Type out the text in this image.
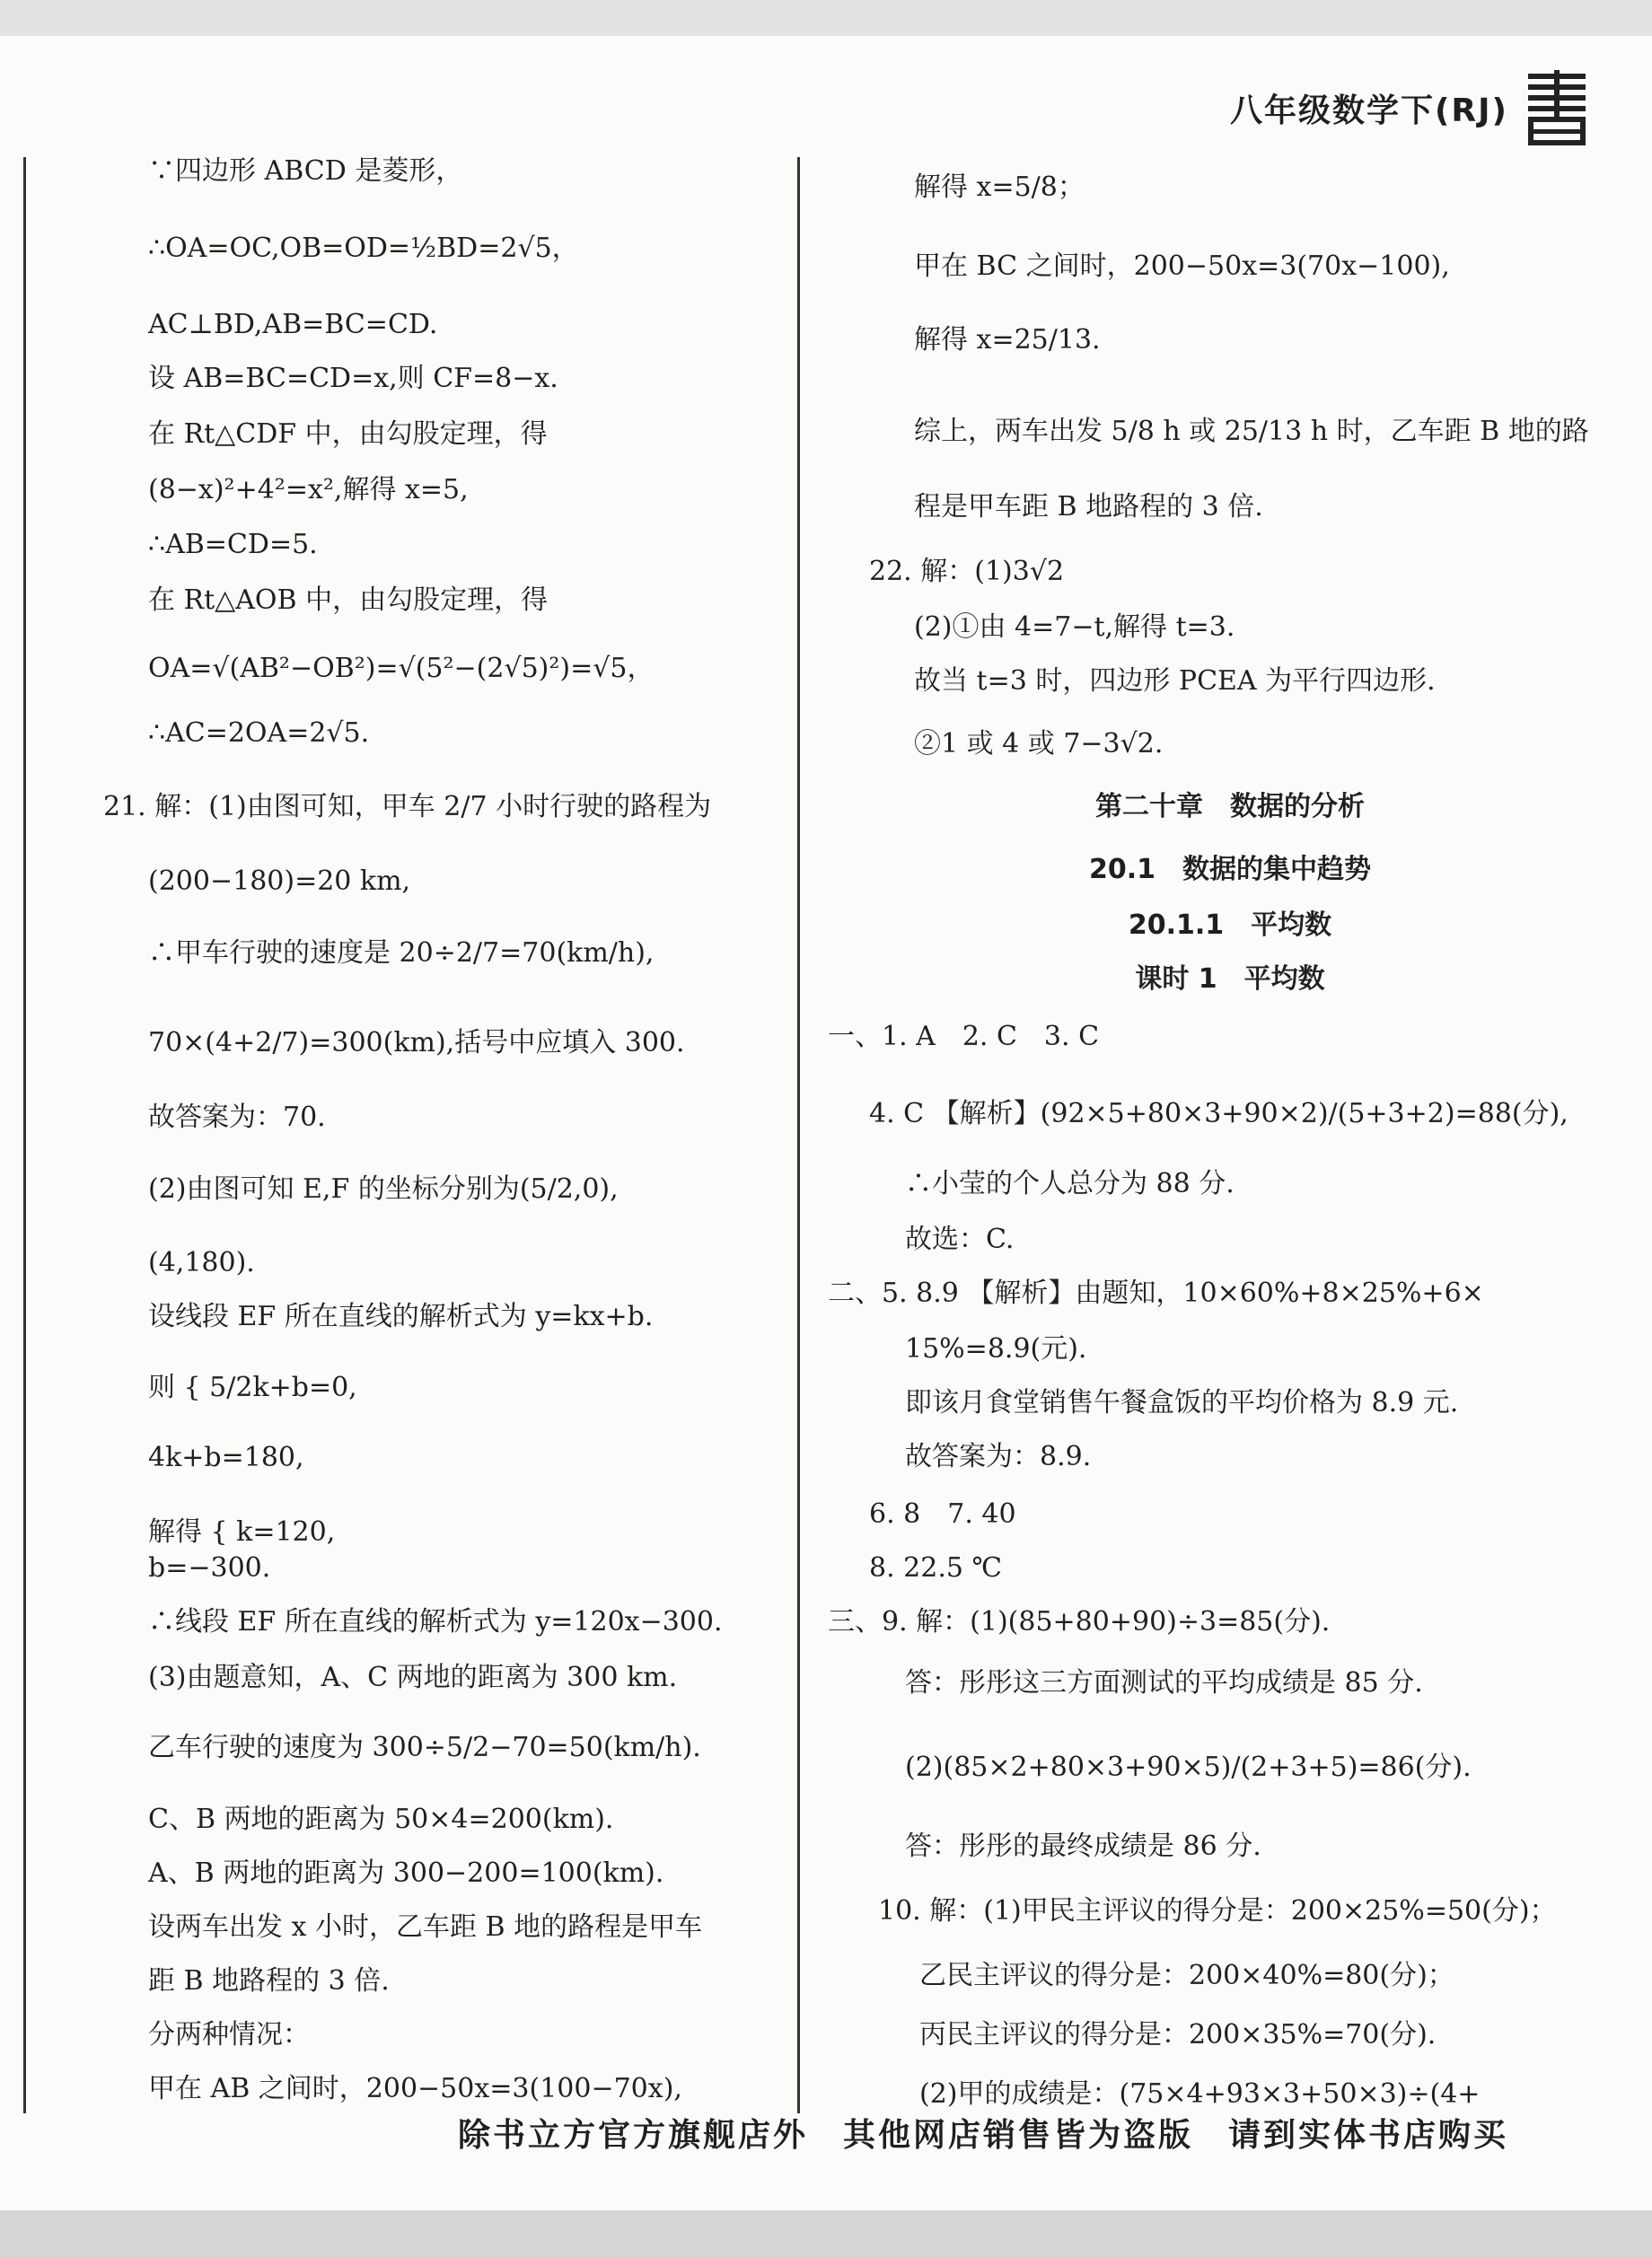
八年级数学下(RJ)
∵四边形 ABCD 是菱形，
∴OA=OC,OB=OD=½BD=2√5，
AC⊥BD,AB=BC=CD.
设 AB=BC=CD=x,则 CF=8−x.
在 Rt△CDF 中，由勾股定理，得
(8−x)²+4²=x²,解得 x=5,
∴AB=CD=5.
在 Rt△AOB 中，由勾股定理，得
OA=√(AB²−OB²)=√(5²−(2√5)²)=√5，
∴AC=2OA=2√5.
21. 解：(1)由图可知，甲车 2/7 小时行驶的路程为
(200−180)=20 km,
∴甲车行驶的速度是 20÷2/7=70(km/h),
70×(4+2/7)=300(km),括号中应填入 300.
故答案为：70.
(2)由图可知 E,F 的坐标分别为(5/2,0),
(4,180).
设线段 EF 所在直线的解析式为 y=kx+b.
则 { 5/2k+b=0,
4k+b=180,
解得 { k=120,
b=−300.
∴线段 EF 所在直线的解析式为 y=120x−300.
(3)由题意知，A、C 两地的距离为 300 km.
乙车行驶的速度为 300÷5/2−70=50(km/h).
C、B 两地的距离为 50×4=200(km).
A、B 两地的距离为 300−200=100(km).
设两车出发 x 小时，乙车距 B 地的路程是甲车
距 B 地路程的 3 倍.
分两种情况：
甲在 AB 之间时，200−50x=3(100−70x),
解得 x=5/8；
甲在 BC 之间时，200−50x=3(70x−100),
解得 x=25/13.
综上，两车出发 5/8 h 或 25/13 h 时，乙车距 B 地的路
程是甲车距 B 地路程的 3 倍.
22. 解：(1)3√2
(2)①由 4=7−t,解得 t=3.
故当 t=3 时，四边形 PCEA 为平行四边形.
②1 或 4 或 7−3√2.
第二十章　数据的分析
20.1　数据的集中趋势
20.1.1　平均数
课时 1　平均数
一、1. A　2. C　3. C
4. C 【解析】(92×5+80×3+90×2)/(5+3+2)=88(分),
∴小莹的个人总分为 88 分.
故选：C.
二、5. 8.9 【解析】由题知，10×60%+8×25%+6×
15%=8.9(元).
即该月食堂销售午餐盒饭的平均价格为 8.9 元.
故答案为：8.9.
6. 8　7. 40
8. 22.5 ℃
三、9. 解：(1)(85+80+90)÷3=85(分).
答：彤彤这三方面测试的平均成绩是 85 分.
(2)(85×2+80×3+90×5)/(2+3+5)=86(分).
答：彤彤的最终成绩是 86 分.
10. 解：(1)甲民主评议的得分是：200×25%=50(分)；
乙民主评议的得分是：200×40%=80(分)；
丙民主评议的得分是：200×35%=70(分).
(2)甲的成绩是：(75×4+93×3+50×3)÷(4+
除书立方官方旗舰店外　其他网店销售皆为盗版　请到实体书店购买
